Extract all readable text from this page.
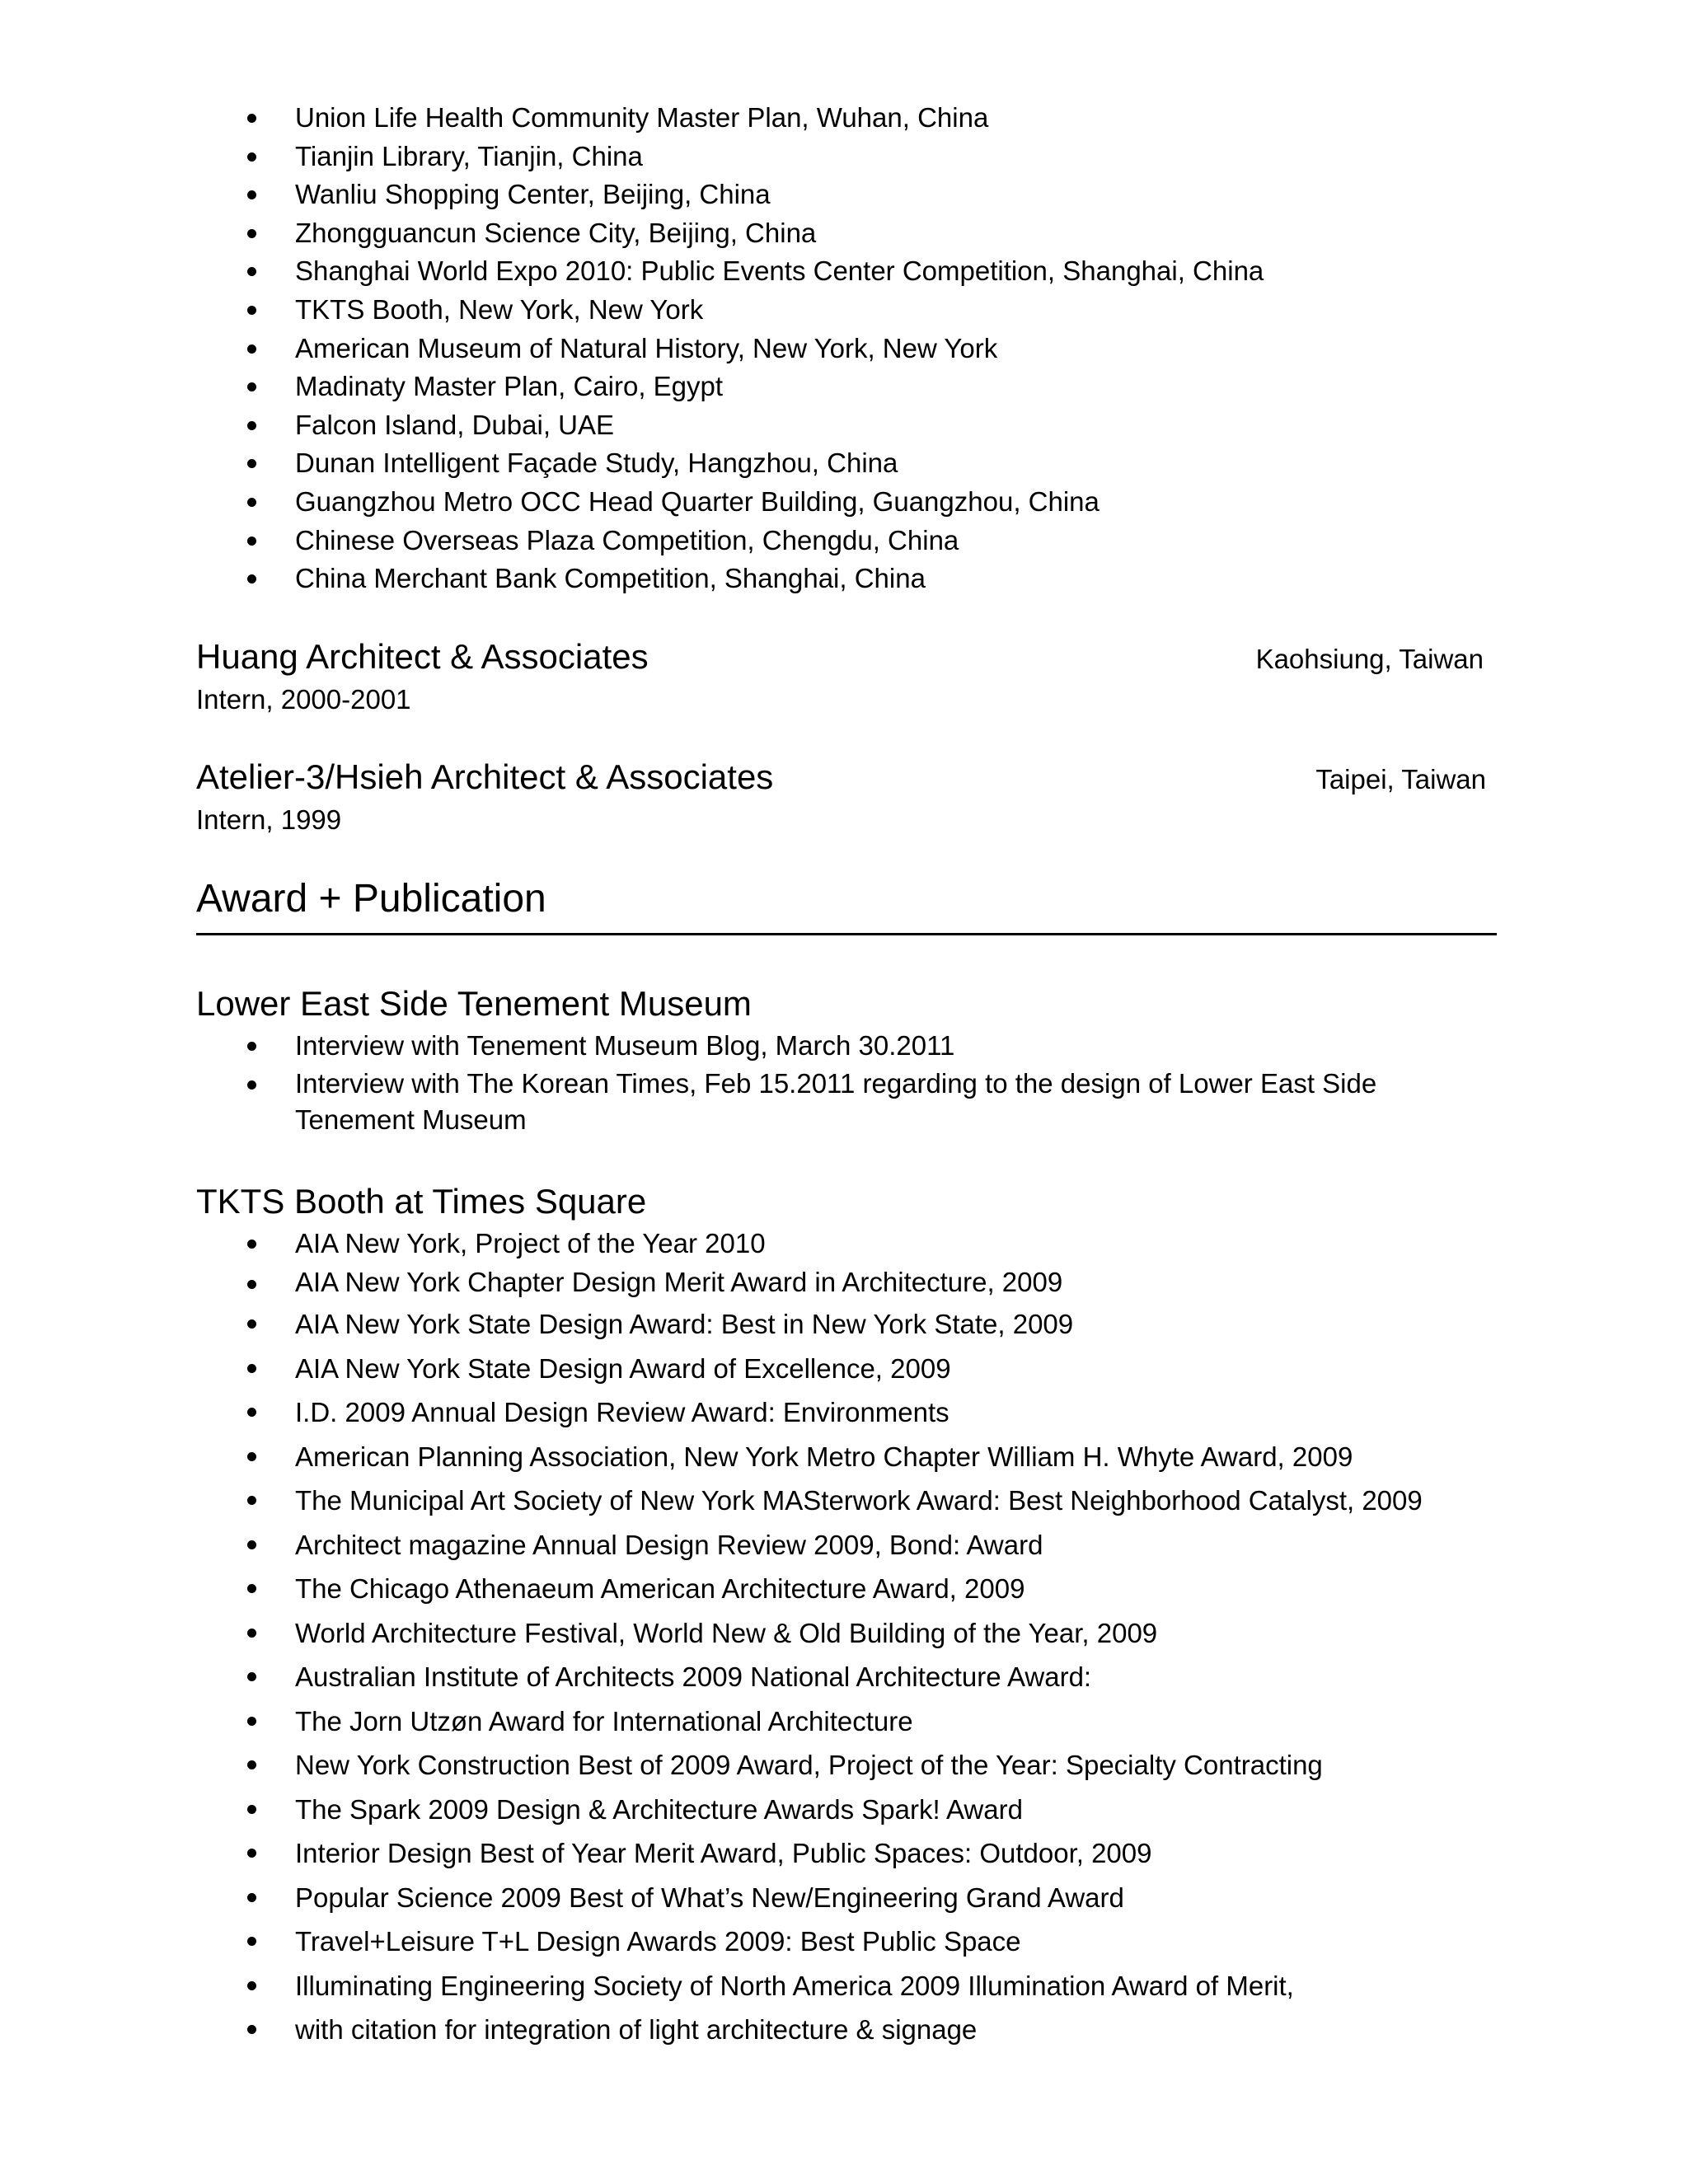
Union Life Health Community Master Plan, Wuhan, China
Tianjin Library, Tianjin, China
Wanliu Shopping Center, Beijing, China
Zhongguancun Science City, Beijing, China
Shanghai World Expo 2010: Public Events Center Competition, Shanghai, China
TKTS Booth, New York, New York
American Museum of Natural History, New York, New York
Madinaty Master Plan, Cairo, Egypt
Falcon Island, Dubai, UAE
Dunan Intelligent Façade Study, Hangzhou, China
Guangzhou Metro OCC Head Quarter Building, Guangzhou, China
Chinese Overseas Plaza Competition, Chengdu, China
China Merchant Bank Competition, Shanghai, China
Huang Architect & Associates	Kaohsiung, Taiwan
Intern, 2000-2001
Atelier-3/Hsieh Architect & Associates	Taipei, Taiwan
Intern, 1999
Award + Publication
Lower East Side Tenement Museum
Interview with Tenement Museum Blog, March 30.2011
Interview with The Korean Times, Feb 15.2011 regarding to the design of Lower East Side Tenement Museum
TKTS Booth at Times Square
AIA New York, Project of the Year 2010
AIA New York Chapter Design Merit Award in Architecture, 2009
AIA New York State Design Award: Best in New York State, 2009
AIA New York State Design Award of Excellence, 2009
I.D. 2009 Annual Design Review Award: Environments
American Planning Association, New York Metro Chapter William H. Whyte Award, 2009
The Municipal Art Society of New York MASterwork Award: Best Neighborhood Catalyst, 2009
Architect magazine Annual Design Review 2009, Bond: Award
The Chicago Athenaeum American Architecture Award, 2009
World Architecture Festival, World New & Old Building of the Year, 2009
Australian Institute of Architects 2009 National Architecture Award:
The Jorn Utzøn Award for International Architecture
New York Construction Best of 2009 Award, Project of the Year: Specialty Contracting
The Spark 2009 Design & Architecture Awards Spark! Award
Interior Design Best of Year Merit Award, Public Spaces: Outdoor, 2009
Popular Science 2009 Best of What’s New/Engineering Grand Award
Travel+Leisure T+L Design Awards 2009: Best Public Space
Illuminating Engineering Society of North America 2009 Illumination Award of Merit,
with citation for integration of light architecture & signage
